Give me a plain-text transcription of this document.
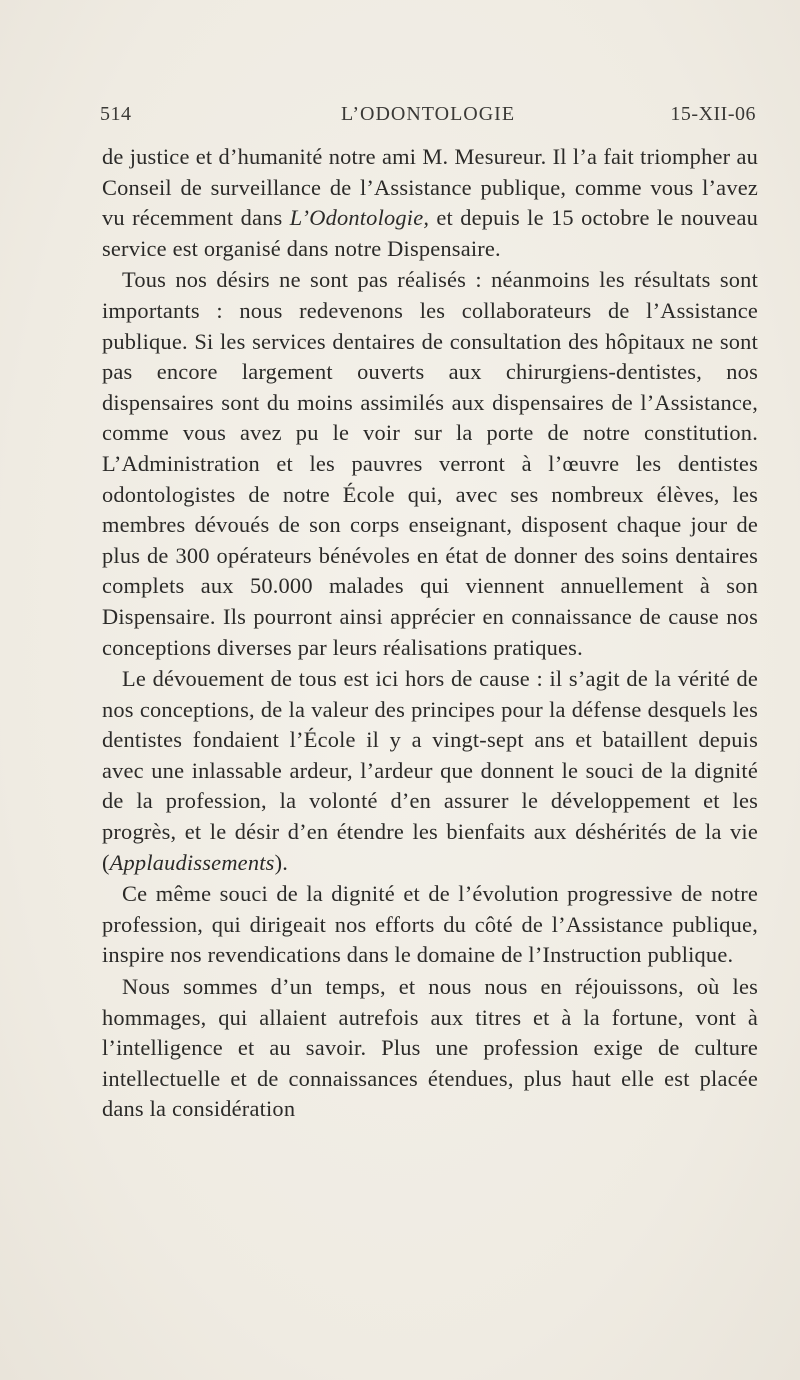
514	L’ODONTOLOGIE	15-XII-06

de justice et d’humanité notre ami M. Mesureur. Il l’a fait triompher au Conseil de surveillance de l’Assistance publique, comme vous l’avez vu récemment dans L’Odontologie, et depuis le 15 octobre le nouveau service est organisé dans notre Dispensaire.

Tous nos désirs ne sont pas réalisés : néanmoins les résultats sont importants : nous redevenons les collaborateurs de l’Assistance publique. Si les services dentaires de consultation des hôpitaux ne sont pas encore largement ouverts aux chirurgiens-dentistes, nos dispensaires sont du moins assimilés aux dispensaires de l’Assistance, comme vous avez pu le voir sur la porte de notre constitution. L’Administration et les pauvres verront à l’œuvre les dentistes odontologistes de notre École qui, avec ses nombreux élèves, les membres dévoués de son corps enseignant, disposent chaque jour de plus de 300 opérateurs bénévoles en état de donner des soins dentaires complets aux 50.000 malades qui viennent annuellement à son Dispensaire. Ils pourront ainsi apprécier en connaissance de cause nos conceptions diverses par leurs réalisations pratiques.

Le dévouement de tous est ici hors de cause : il s’agit de la vérité de nos conceptions, de la valeur des principes pour la défense desquels les dentistes fondaient l’École il y a vingt-sept ans et bataillent depuis avec une inlassable ardeur, l’ardeur que donnent le souci de la dignité de la profession, la volonté d’en assurer le développement et les progrès, et le désir d’en étendre les bienfaits aux déshérités de la vie (Applaudissements).

Ce même souci de la dignité et de l’évolution progressive de notre profession, qui dirigeait nos efforts du côté de l’Assistance publique, inspire nos revendications dans le domaine de l’Instruction publique.

Nous sommes d’un temps, et nous nous en réjouissons, où les hommages, qui allaient autrefois aux titres et à la fortune, vont à l’intelligence et au savoir. Plus une profession exige de culture intellectuelle et de connaissances étendues, plus haut elle est placée dans la considération
